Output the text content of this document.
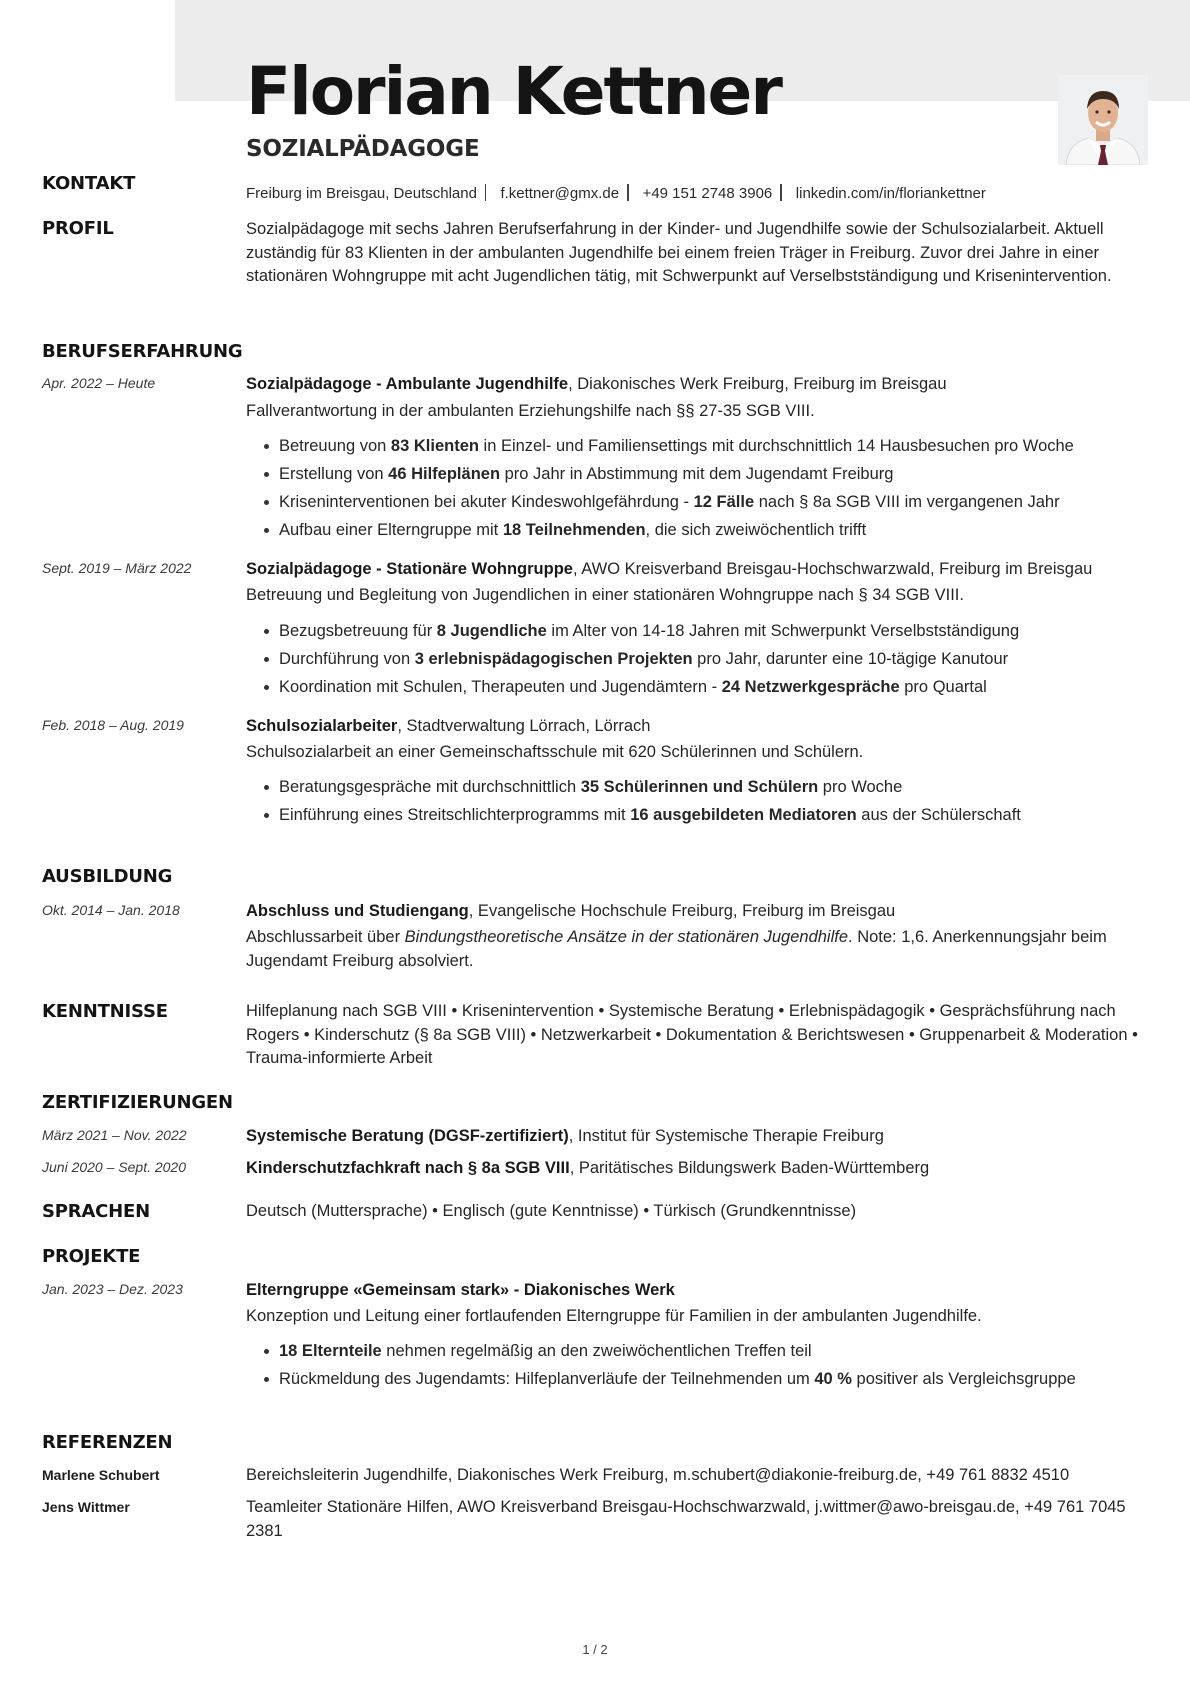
Florian Kettner
SOZIALPÄDAGOGE
KONTAKT	Freiburg im Breisgau, Deutschland f.kettner@gmx.de +49 151 2748 3906 linkedin.com/in/floriankettner
PROFIL	Sozialpädagoge mit sechs Jahren Berufserfahrung in der Kinder- und Jugendhilfe sowie der Schulsozialarbeit. Aktuell zuständig für 83 Klienten in der ambulanten Jugendhilfe bei einem freien Träger in Freiburg. Zuvor drei Jahre in einer stationären Wohngruppe mit acht Jugendlichen tätig, mit Schwerpunkt auf Verselbstständigung und Krisenintervention.
BERUFSERFAHRUNG
Apr. 2022 – Heute	Sozialpädagoge - Ambulante Jugendhilfe, Diakonisches Werk Freiburg, Freiburg im Breisgau
Fallverantwortung in der ambulanten Erziehungshilfe nach §§ 27-35 SGB VIII.
Betreuung von 83 Klienten in Einzel- und Familiensettings mit durchschnittlich 14 Hausbesuchen pro Woche
Erstellung von 46 Hilfeplänen pro Jahr in Abstimmung mit dem Jugendamt Freiburg
Kriseninterventionen bei akuter Kindeswohlgefährdung - 12 Fälle nach § 8a SGB VIII im vergangenen Jahr
Aufbau einer Elterngruppe mit 18 Teilnehmenden, die sich zweiwöchentlich trifft
Sept. 2019 – März 2022	Sozialpädagoge - Stationäre Wohngruppe, AWO Kreisverband Breisgau-Hochschwarzwald, Freiburg im Breisgau
Betreuung und Begleitung von Jugendlichen in einer stationären Wohngruppe nach § 34 SGB VIII.
Bezugsbetreuung für 8 Jugendliche im Alter von 14-18 Jahren mit Schwerpunkt Verselbstständigung
Durchführung von 3 erlebnispädagogischen Projekten pro Jahr, darunter eine 10-tägige Kanutour
Koordination mit Schulen, Therapeuten und Jugendämtern - 24 Netzwerkgespräche pro Quartal
Feb. 2018 – Aug. 2019	Schulsozialarbeiter, Stadtverwaltung Lörrach, Lörrach
Schulsozialarbeit an einer Gemeinschaftsschule mit 620 Schülerinnen und Schülern.
Beratungsgespräche mit durchschnittlich 35 Schülerinnen und Schülern pro Woche
Einführung eines Streitschlichterprogramms mit 16 ausgebildeten Mediatoren aus der Schülerschaft
AUSBILDUNG
Okt. 2014 – Jan. 2018	Abschluss und Studiengang, Evangelische Hochschule Freiburg, Freiburg im Breisgau
Abschlussarbeit über Bindungstheoretische Ansätze in der stationären Jugendhilfe. Note: 1,6. Anerkennungsjahr beim Jugendamt Freiburg absolviert.
KENNTNISSE	Hilfeplanung nach SGB VIII • Krisenintervention • Systemische Beratung • Erlebnispädagogik • Gesprächsführung nach Rogers • Kinderschutz (§ 8a SGB VIII) • Netzwerkarbeit • Dokumentation & Berichtswesen • Gruppenarbeit & Moderation • Trauma-informierte Arbeit
ZERTIFIZIERUNGEN
März 2021 – Nov. 2022	Systemische Beratung (DGSF-zertifiziert), Institut für Systemische Therapie Freiburg
Juni 2020 – Sept. 2020	Kinderschutzfachkraft nach § 8a SGB VIII, Paritätisches Bildungswerk Baden-Württemberg
SPRACHEN	Deutsch (Muttersprache) • Englisch (gute Kenntnisse) • Türkisch (Grundkenntnisse)
PROJEKTE
Jan. 2023 – Dez. 2023	Elterngruppe «Gemeinsam stark» - Diakonisches Werk
Konzeption und Leitung einer fortlaufenden Elterngruppe für Familien in der ambulanten Jugendhilfe.
18 Elternteile nehmen regelmäßig an den zweiwöchentlichen Treffen teil
Rückmeldung des Jugendamts: Hilfeplanverläufe der Teilnehmenden um 40 % positiver als Vergleichsgruppe
REFERENZEN
Marlene Schubert	Bereichsleiterin Jugendhilfe, Diakonisches Werk Freiburg, m.schubert@diakonie-freiburg.de, +49 761 8832 4510
Jens Wittmer	Teamleiter Stationäre Hilfen, AWO Kreisverband Breisgau-Hochschwarzwald, j.wittmer@awo-breisgau.de, +49 761 7045 2381
1 / 2
